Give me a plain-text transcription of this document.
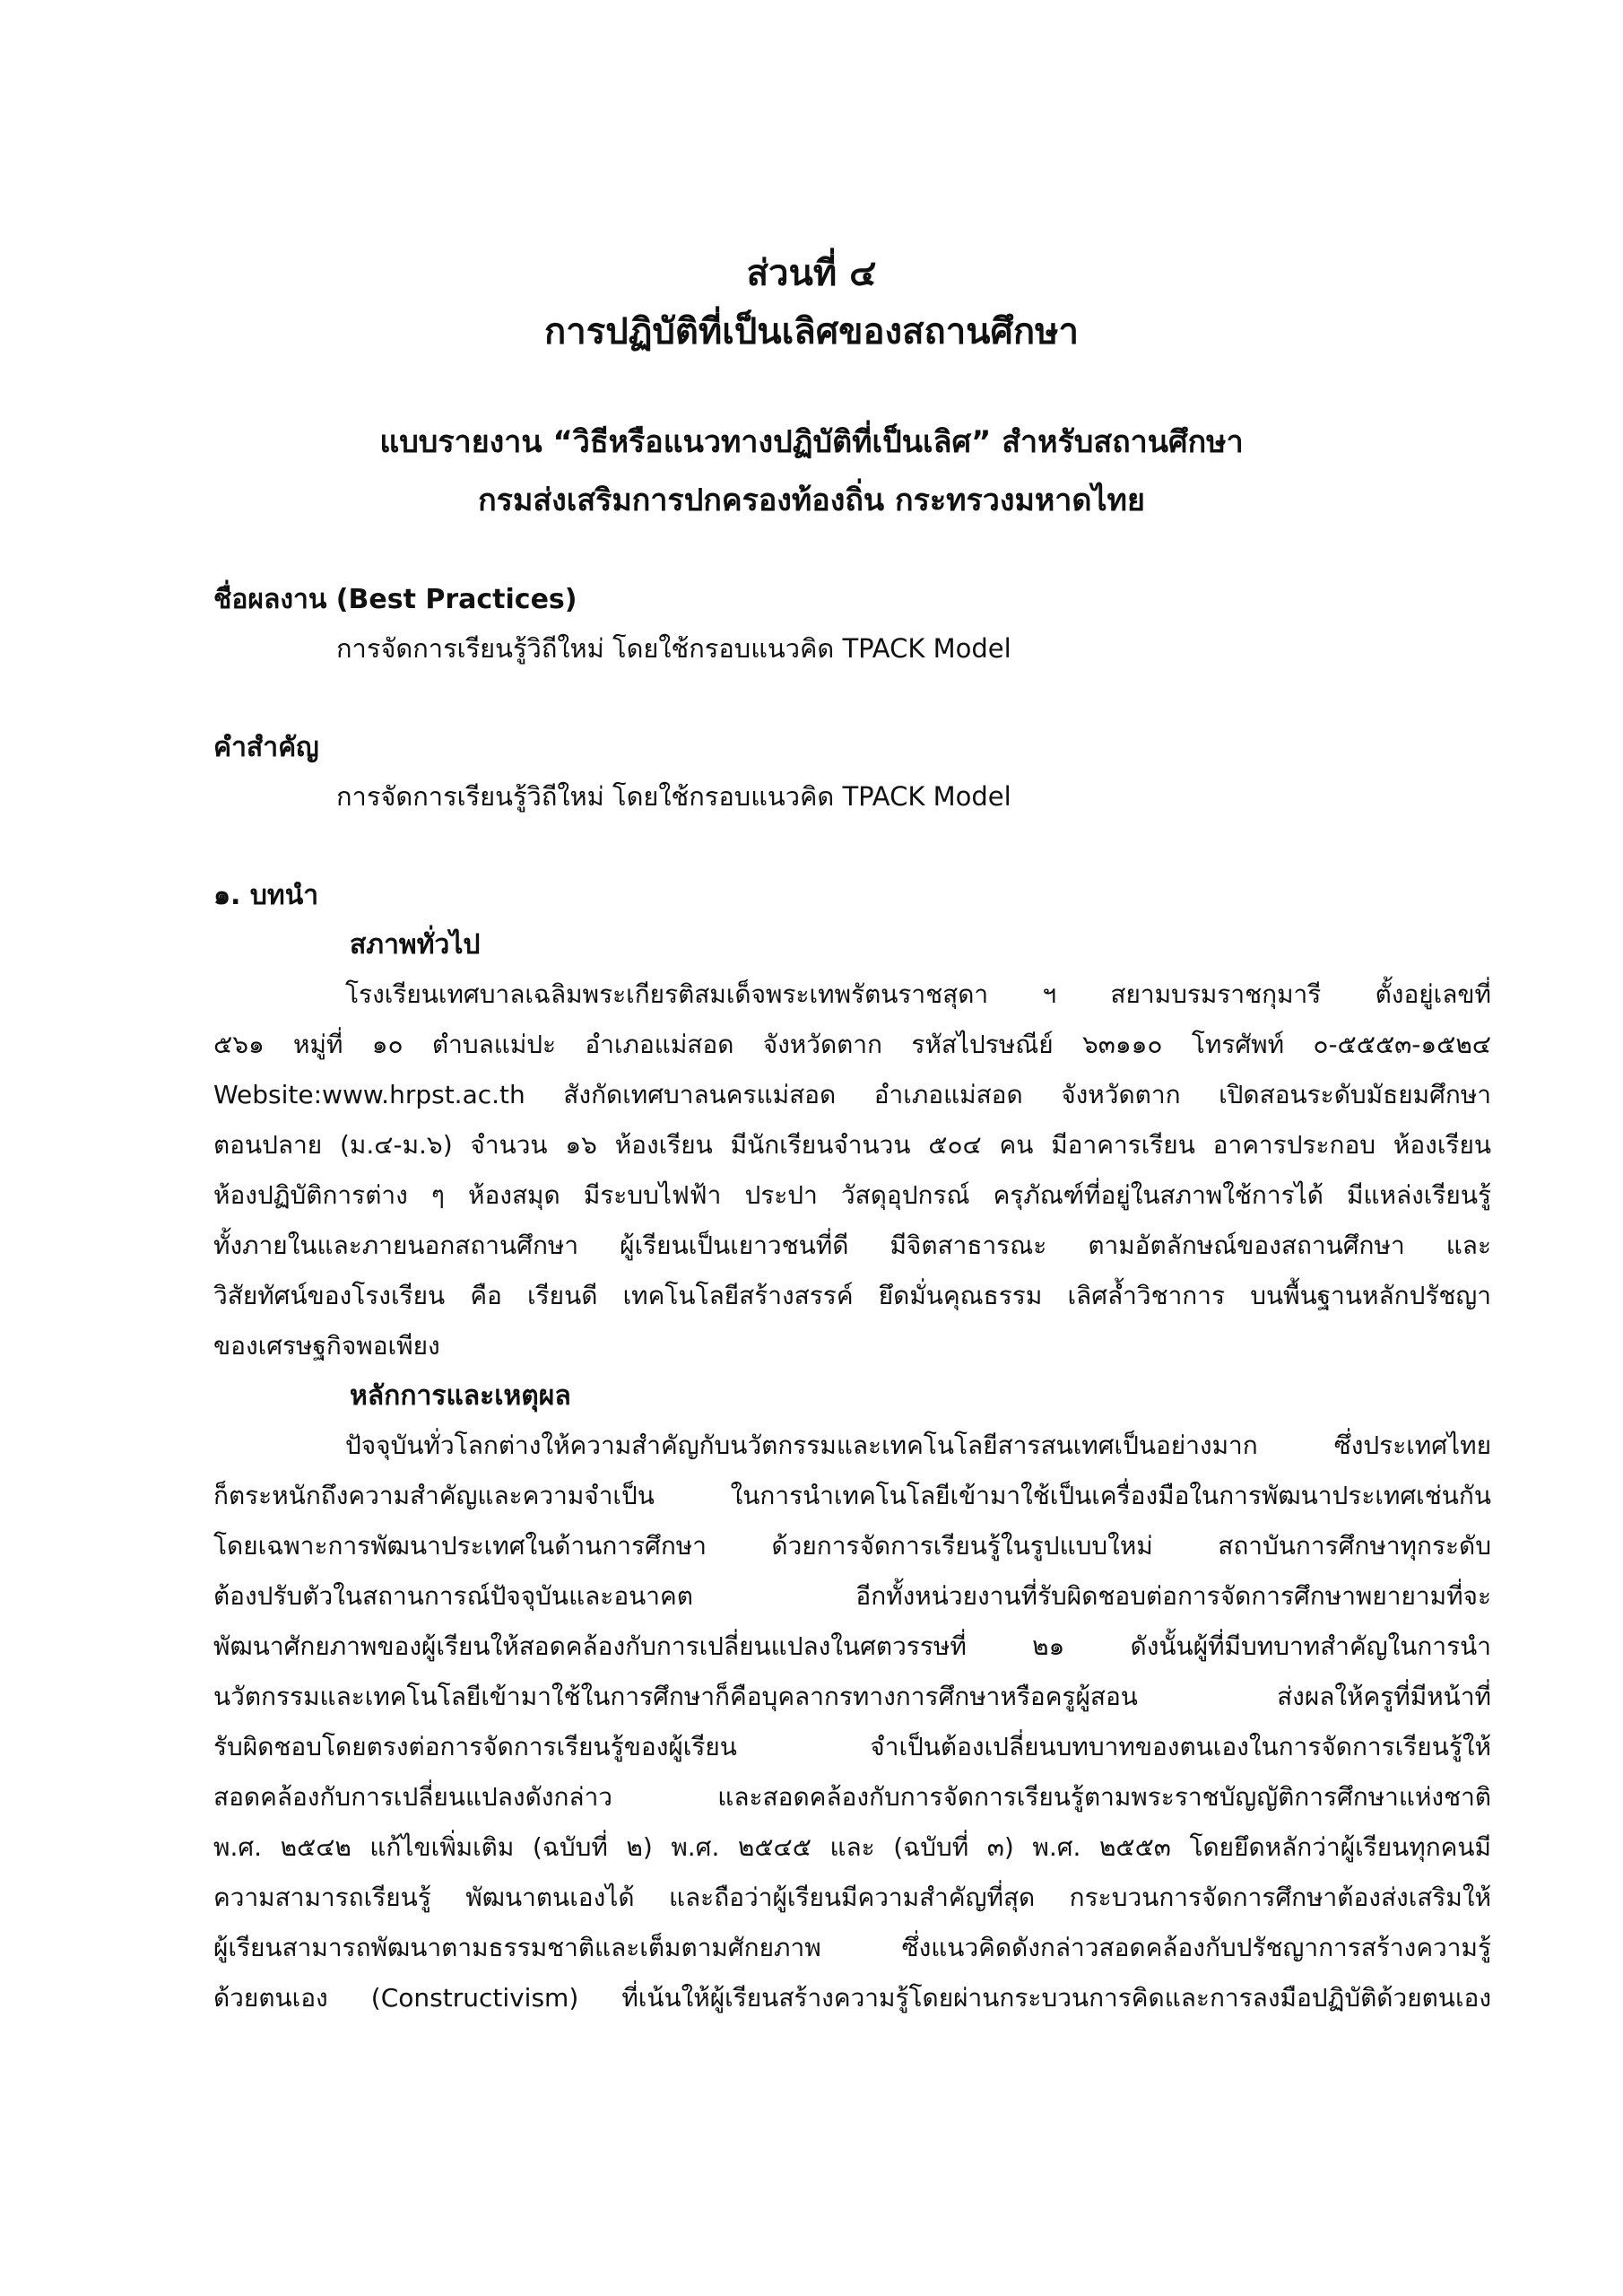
ส่วนที่ ๔
การปฏิบัติที่เป็นเลิศของสถานศึกษา
แบบรายงาน “วิธีหรือแนวทางปฏิบัติที่เป็นเลิศ” สำหรับสถานศึกษา
กรมส่งเสริมการปกครองท้องถิ่น กระทรวงมหาดไทย
ชื่อผลงาน (Best Practices)
การจัดการเรียนรู้วิถีใหม่ โดยใช้กรอบแนวคิด TPACK Model
คำสำคัญ
การจัดการเรียนรู้วิถีใหม่ โดยใช้กรอบแนวคิด TPACK Model
๑. บทนำ
สภาพทั่วไป
โรงเรียนเทศบาลเฉลิมพระเกียรติสมเด็จพระเทพรัตนราชสุดา ฯ สยามบรมราชกุมารี ตั้งอยู่เลขที่
๕๖๑ หมู่ที่ ๑๐ ตำบลแม่ปะ อำเภอแม่สอด จังหวัดตาก รหัสไปรษณีย์ ๖๓๑๑๐ โทรศัพท์ ๐-๕๕๕๓-๑๕๒๔
Website:www.hrpst.ac.th สังกัดเทศบาลนครแม่สอด อำเภอแม่สอด จังหวัดตาก เปิดสอนระดับมัธยมศึกษา
ตอนปลาย (ม.๔-ม.๖) จำนวน ๑๖ ห้องเรียน มีนักเรียนจำนวน ๕๐๔ คน มีอาคารเรียน อาคารประกอบ ห้องเรียน
ห้องปฏิบัติการต่าง ๆ ห้องสมุด มีระบบไฟฟ้า ประปา วัสดุอุปกรณ์ ครุภัณฑ์ที่อยู่ในสภาพใช้การได้ มีแหล่งเรียนรู้
ทั้งภายในและภายนอกสถานศึกษา ผู้เรียนเป็นเยาวชนที่ดี มีจิตสาธารณะ ตามอัตลักษณ์ของสถานศึกษา และ
วิสัยทัศน์ของโรงเรียน คือ เรียนดี เทคโนโลยีสร้างสรรค์ ยึดมั่นคุณธรรม เลิศล้ำวิชาการ บนพื้นฐานหลักปรัชญา
ของเศรษฐกิจพอเพียง
หลักการและเหตุผล
ปัจจุบันทั่วโลกต่างให้ความสำคัญกับนวัตกรรมและเทคโนโลยีสารสนเทศเป็นอย่างมาก ซึ่งประเทศไทย
ก็ตระหนักถึงความสำคัญและความจำเป็น ในการนำเทคโนโลยีเข้ามาใช้เป็นเครื่องมือในการพัฒนาประเทศเช่นกัน
โดยเฉพาะการพัฒนาประเทศในด้านการศึกษา ด้วยการจัดการเรียนรู้ในรูปแบบใหม่ สถาบันการศึกษาทุกระดับ
ต้องปรับตัวในสถานการณ์ปัจจุบันและอนาคต อีกทั้งหน่วยงานที่รับผิดชอบต่อการจัดการศึกษาพยายามที่จะ
พัฒนาศักยภาพของผู้เรียนให้สอดคล้องกับการเปลี่ยนแปลงในศตวรรษที่ ๒๑ ดังนั้นผู้ที่มีบทบาทสำคัญในการนำ
นวัตกรรมและเทคโนโลยีเข้ามาใช้ในการศึกษาก็คือบุคลากรทางการศึกษาหรือครูผู้สอน ส่งผลให้ครูที่มีหน้าที่
รับผิดชอบโดยตรงต่อการจัดการเรียนรู้ของผู้เรียน จำเป็นต้องเปลี่ยนบทบาทของตนเองในการจัดการเรียนรู้ให้
สอดคล้องกับการเปลี่ยนแปลงดังกล่าว และสอดคล้องกับการจัดการเรียนรู้ตามพระราชบัญญัติการศึกษาแห่งชาติ
พ.ศ. ๒๕๔๒ แก้ไขเพิ่มเติม (ฉบับที่ ๒) พ.ศ. ๒๕๔๕ และ (ฉบับที่ ๓) พ.ศ. ๒๕๕๓ โดยยึดหลักว่าผู้เรียนทุกคนมี
ความสามารถเรียนรู้ พัฒนาตนเองได้ และถือว่าผู้เรียนมีความสำคัญที่สุด กระบวนการจัดการศึกษาต้องส่งเสริมให้
ผู้เรียนสามารถพัฒนาตามธรรมชาติและเต็มตามศักยภาพ ซึ่งแนวคิดดังกล่าวสอดคล้องกับปรัชญาการสร้างความรู้
ด้วยตนเอง (Constructivism) ที่เน้นให้ผู้เรียนสร้างความรู้โดยผ่านกระบวนการคิดและการลงมือปฏิบัติด้วยตนเอง
